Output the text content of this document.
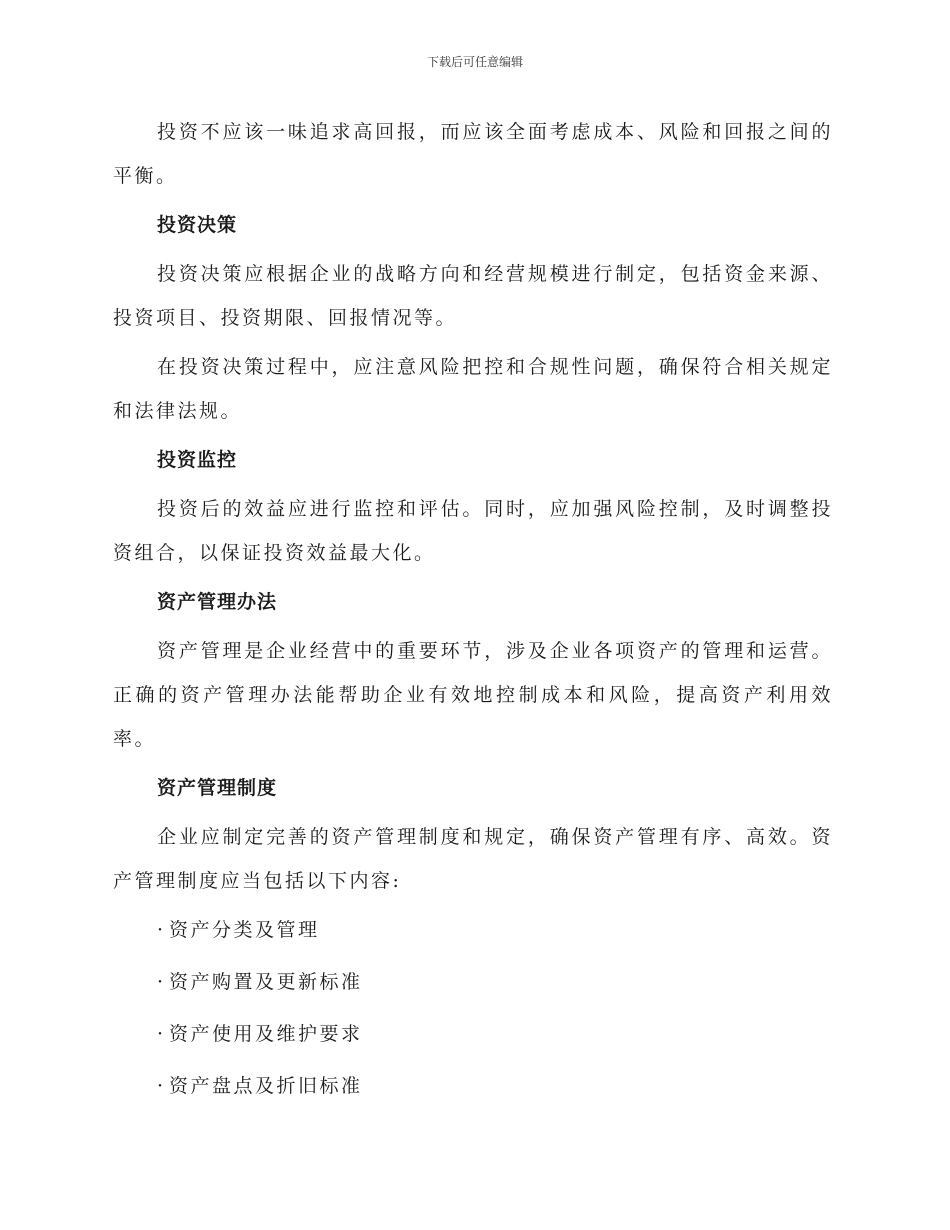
下载后可任意编辑

投资不应该一味追求高回报，而应该全面考虑成本、风险和回报之间的平衡。

投资决策

投资决策应根据企业的战略方向和经营规模进行制定，包括资金来源、投资项目、投资期限、回报情况等。

在投资决策过程中，应注意风险把控和合规性问题，确保符合相关规定和法律法规。

投资监控

投资后的效益应进行监控和评估。同时，应加强风险控制，及时调整投资组合，以保证投资效益最大化。

资产管理办法

资产管理是企业经营中的重要环节，涉及企业各项资产的管理和运营。正确的资产管理办法能帮助企业有效地控制成本和风险，提高资产利用效率。

资产管理制度

企业应制定完善的资产管理制度和规定，确保资产管理有序、高效。资产管理制度应当包括以下内容:

· 资产分类及管理
· 资产购置及更新标准
· 资产使用及维护要求
· 资产盘点及折旧标准
